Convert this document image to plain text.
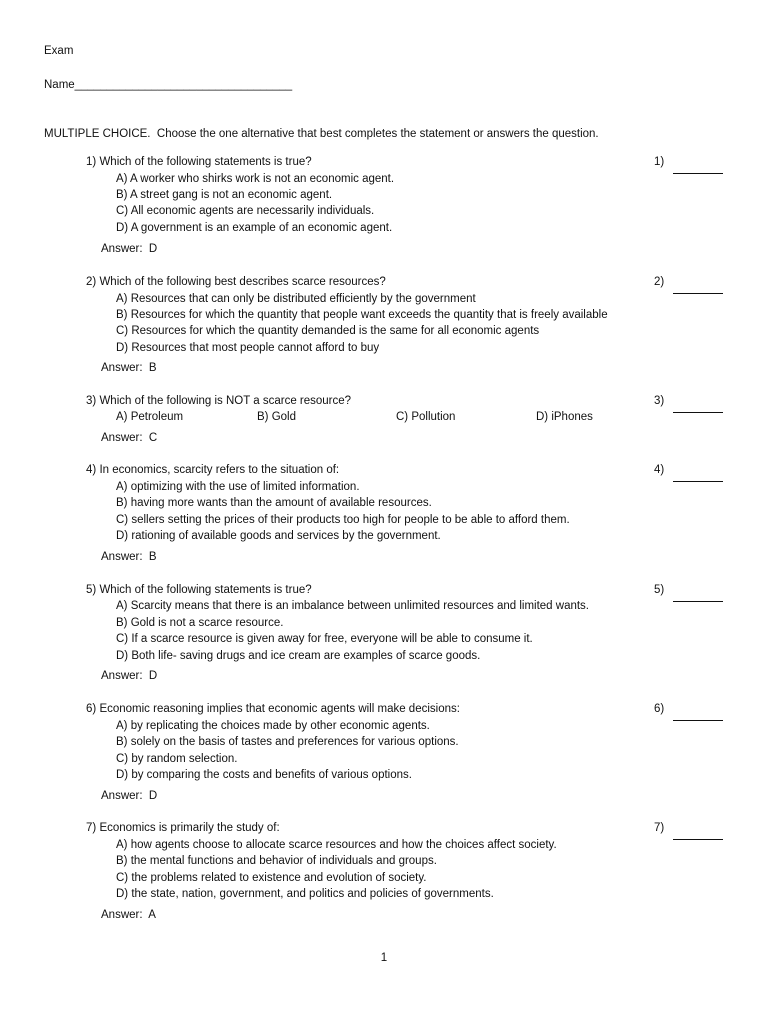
Exam
Name__________________________________
MULTIPLE CHOICE.  Choose the one alternative that best completes the statement or answers the question.
1) Which of the following statements is true?	1)
A) A worker who shirks work is not an economic agent.
B) A street gang is not an economic agent.
C) All economic agents are necessarily individuals.
D) A government is an example of an economic agent.
Answer:  D
2) Which of the following best describes scarce resources?	2)
A) Resources that can only be distributed efficiently by the government
B) Resources for which the quantity that people want exceeds the quantity that is freely available
C) Resources for which the quantity demanded is the same for all economic agents
D) Resources that most people cannot afford to buy
Answer:  B
3) Which of the following is NOT a scarce resource?	3)
A) Petroleum	B) Gold	C) Pollution	D) iPhones
Answer:  C
4) In economics, scarcity refers to the situation of:	4)
A) optimizing with the use of limited information.
B) having more wants than the amount of available resources.
C) sellers setting the prices of their products too high for people to be able to afford them.
D) rationing of available goods and services by the government.
Answer:  B
5) Which of the following statements is true?	5)
A) Scarcity means that there is an imbalance between unlimited resources and limited wants.
B) Gold is not a scarce resource.
C) If a scarce resource is given away for free, everyone will be able to consume it.
D) Both life- saving drugs and ice cream are examples of scarce goods.
Answer:  D
6) Economic reasoning implies that economic agents will make decisions:	6)
A) by replicating the choices made by other economic agents.
B) solely on the basis of tastes and preferences for various options.
C) by random selection.
D) by comparing the costs and benefits of various options.
Answer:  D
7) Economics is primarily the study of:	7)
A) how agents choose to allocate scarce resources and how the choices affect society.
B) the mental functions and behavior of individuals and groups.
C) the problems related to existence and evolution of society.
D) the state, nation, government, and politics and policies of governments.
Answer:  A
1
